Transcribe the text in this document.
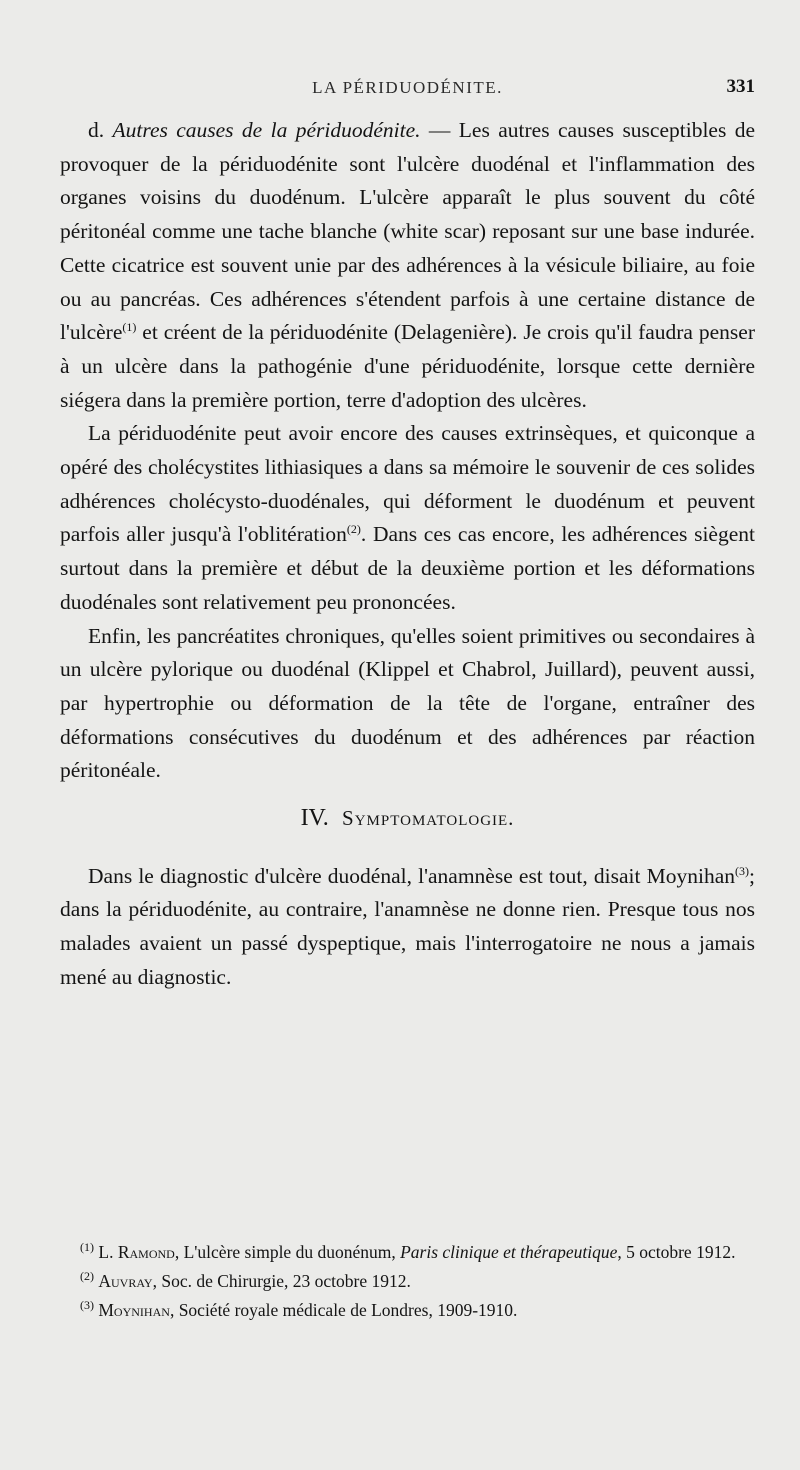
LA PÉRIDUODÉNITE.	331

d. Autres causes de la périduodénite. — Les autres causes susceptibles de provoquer de la périduodénite sont l'ulcère duodénal et l'inflammation des organes voisins du duodénum. L'ulcère apparaît le plus souvent du côté péritonéal comme une tache blanche (white scar) reposant sur une base indurée. Cette cicatrice est souvent unie par des adhérences à la vésicule biliaire, au foie ou au pancréas. Ces adhérences s'étendent parfois à une certaine distance de l'ulcère$^{(1)}$ et créent de la périduodénite (Delagenière). Je crois qu'il faudra penser à un ulcère dans la pathogénie d'une périduodénite, lorsque cette dernière siégera dans la première portion, terre d'adoption des ulcères.

La périduodénite peut avoir encore des causes extrinsèques, et quiconque a opéré des cholécystites lithiasiques a dans sa mémoire le souvenir de ces solides adhérences cholécysto-duodénales, qui déforment le duodénum et peuvent parfois aller jusqu'à l'oblitération$^{(2)}$. Dans ces cas encore, les adhérences siègent surtout dans la première et début de la deuxième portion et les déformations duodénales sont relativement peu prononcées.

Enfin, les pancréatites chroniques, qu'elles soient primitives ou secondaires à un ulcère pylorique ou duodénal (Klippel et Chabrol, Juillard), peuvent aussi, par hypertrophie ou déformation de la tête de l'organe, entraîner des déformations consécutives du duodénum et des adhérences par réaction péritonéale.

IV. Symptomatologie.

Dans le diagnostic d'ulcère duodénal, l'anamnèse est tout, disait Moynihan$^{(3)}$; dans la périduodénite, au contraire, l'anamnèse ne donne rien. Presque tous nos malades avaient un passé dyspeptique, mais l'interrogatoire ne nous a jamais mené au diagnostic.

$^{(1)}$ L. Ramond, L'ulcère simple du duonénum, Paris clinique et thérapeutique, 5 octobre 1912.

$^{(2)}$ Auvray, Soc. de Chirurgie, 23 octobre 1912.

$^{(3)}$ Moynihan, Société royale médicale de Londres, 1909-1910.
